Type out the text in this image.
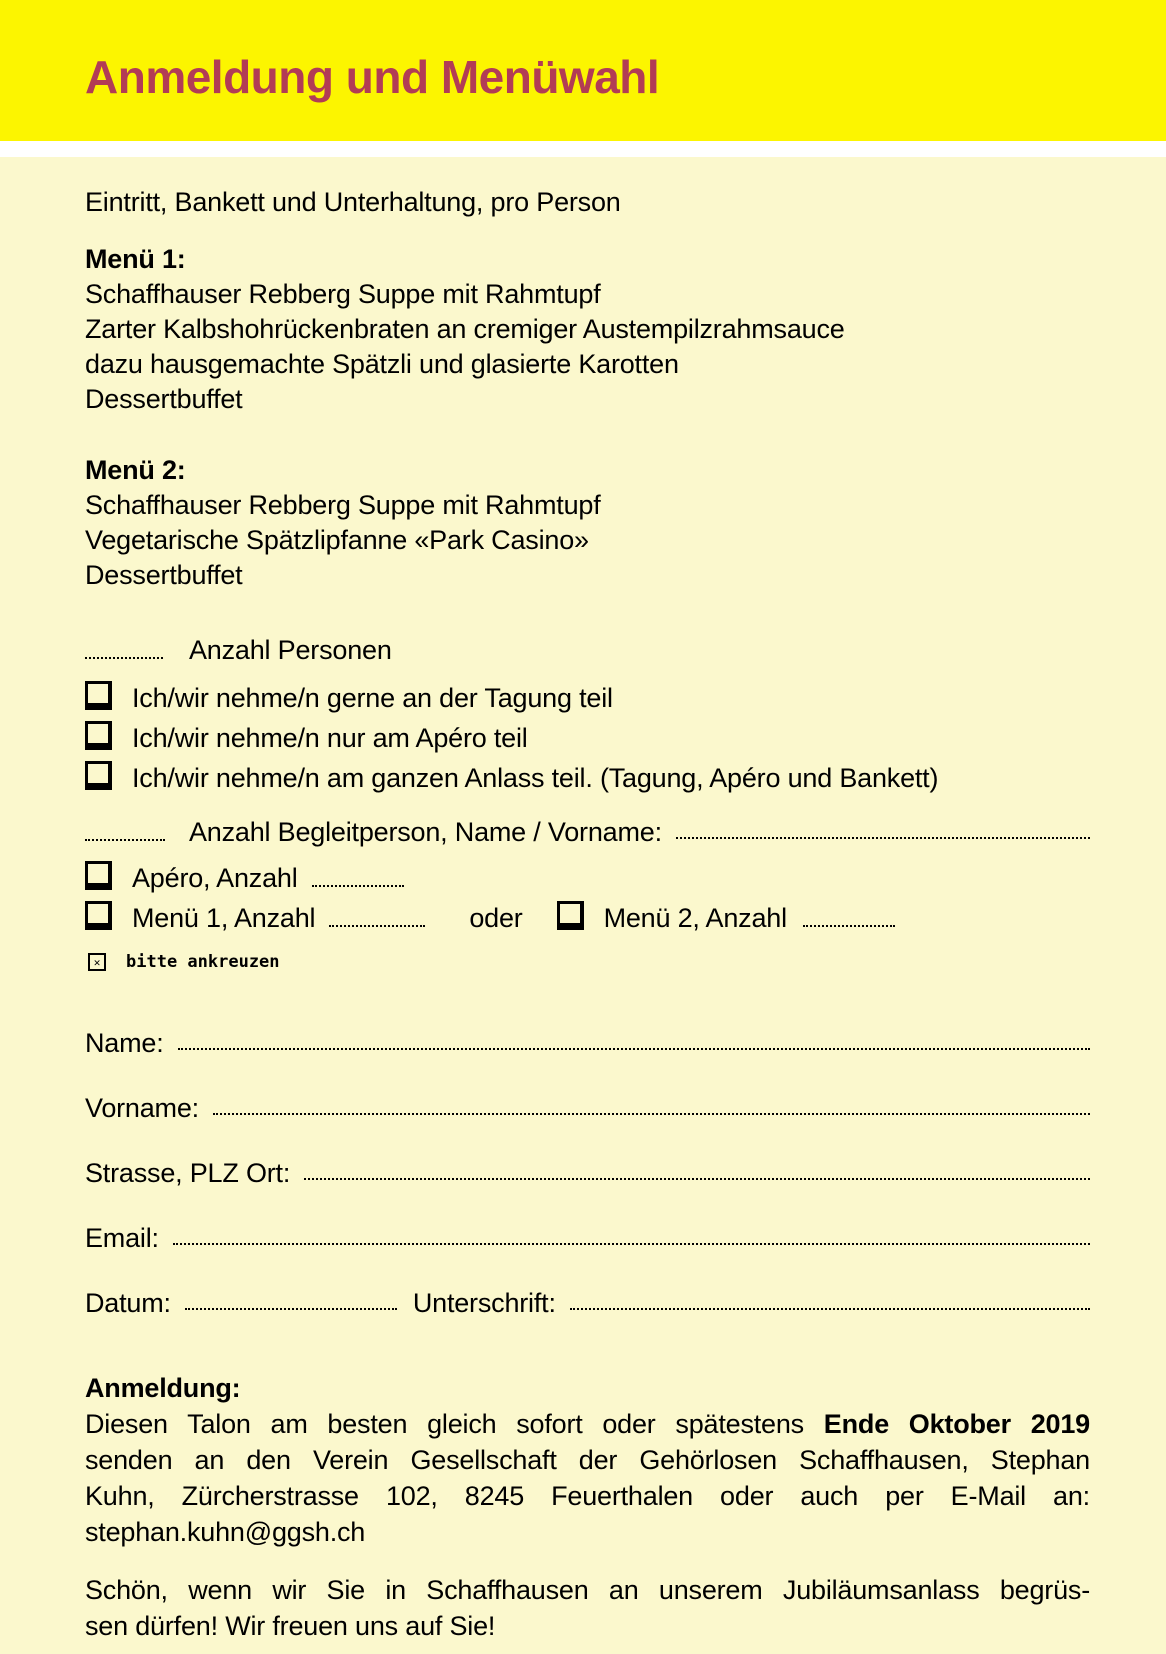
Anmeldung und Menüwahl
Eintritt, Bankett und Unterhaltung, pro Person
Menü 1:
Schaffhauser Rebberg Suppe mit Rahmtupf
Zarter Kalbshohrückenbraten an cremiger Austempilzrahmsauce
dazu hausgemachte Spätzli und glasierte Karotten
Dessertbuffet
Menü 2:
Schaffhauser Rebberg Suppe mit Rahmtupf
Vegetarische Spätzlipfanne «Park Casino»
Dessertbuffet
Anzahl Personen
Ich/wir nehme/n gerne an der Tagung teil
Ich/wir nehme/n nur am Apéro teil
Ich/wir nehme/n am ganzen Anlass teil. (Tagung, Apéro und Bankett)
Anzahl Begleitperson, Name / Vorname:
Apéro, Anzahl
Menü 1, Anzahl	oder	Menü 2, Anzahl
✕ bitte ankreuzen
Name:
Vorname:
Strasse, PLZ Ort:
Email:
Datum:	Unterschrift:
Anmeldung:
Diesen Talon am besten gleich sofort oder spätestens Ende Oktober 2019
senden an den Verein Gesellschaft der Gehörlosen Schaffhausen, Stephan
Kuhn, Zürcherstrasse 102, 8245 Feuerthalen oder auch per E-Mail an:
stephan.kuhn@ggsh.ch
Schön, wenn wir Sie in Schaffhausen an unserem Jubiläumsanlass begrüs-
sen dürfen! Wir freuen uns auf Sie!
